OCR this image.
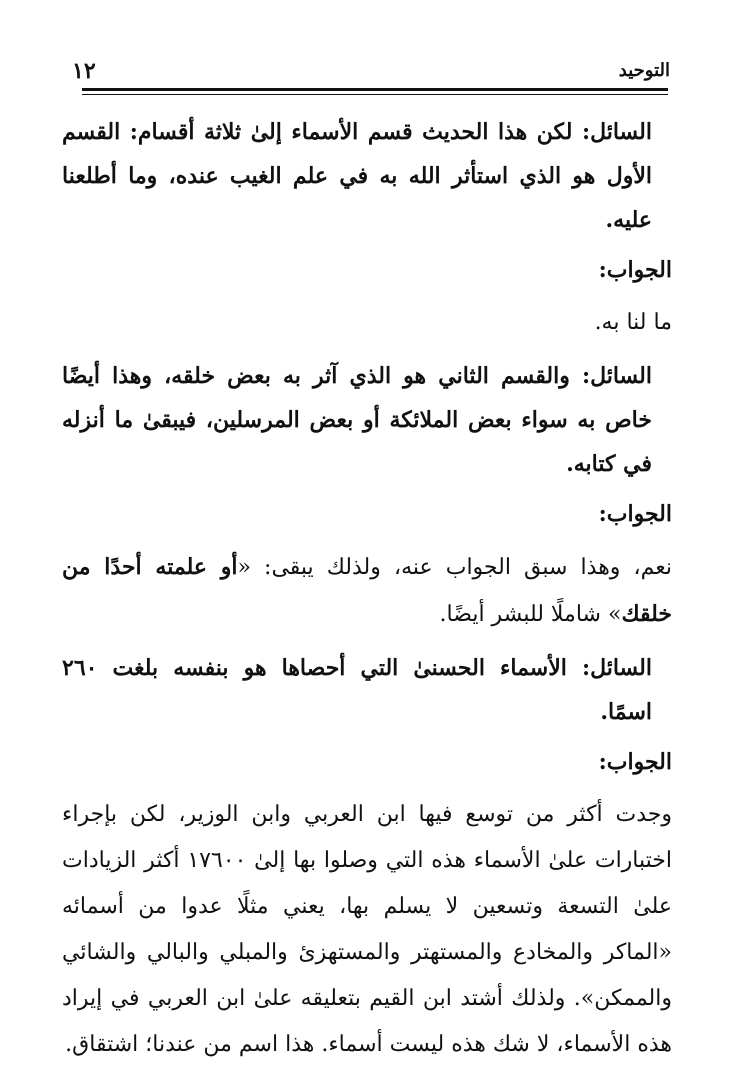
١٢	التوحيد

السائل: لكن هذا الحديث قسم الأسماء إلىٰ ثلاثة أقسام: القسم الأول هو الذي استأثر الله به في علم الغيب عنده، وما أطلعنا عليه.

الجواب:

ما لنا به.

السائل: والقسم الثاني هو الذي آثر به بعض خلقه، وهذا أيضًا خاص به سواء بعض الملائكة أو بعض المرسلين، فيبقىٰ ما أنزله في كتابه.

الجواب:

نعم، وهذا سبق الجواب عنه، ولذلك يبقى: «أو علمته أحدًا من خلقك» شاملًا للبشر أيضًا.

السائل: الأسماء الحسنىٰ التي أحصاها هو بنفسه بلغت ٢٦٠ اسمًا.

الجواب:

وجدت أكثر من توسع فيها ابن العربي وابن الوزير، لكن بإجراء اختبارات علىٰ الأسماء هذه التي وصلوا بها إلىٰ ١٧٦٠٠ أكثر الزيادات علىٰ التسعة وتسعين لا يسلم بها، يعني مثلًا عدوا من أسمائه «الماكر والمخادع والمستهتر والمستهزئ والمبلي والبالي والشائي والممكن». ولذلك أشتد ابن القيم بتعليقه علىٰ ابن العربي في إيراد هذه الأسماء، لا شك هذه ليست أسماء. هذا اسم من عندنا؛ اشتقاق.
